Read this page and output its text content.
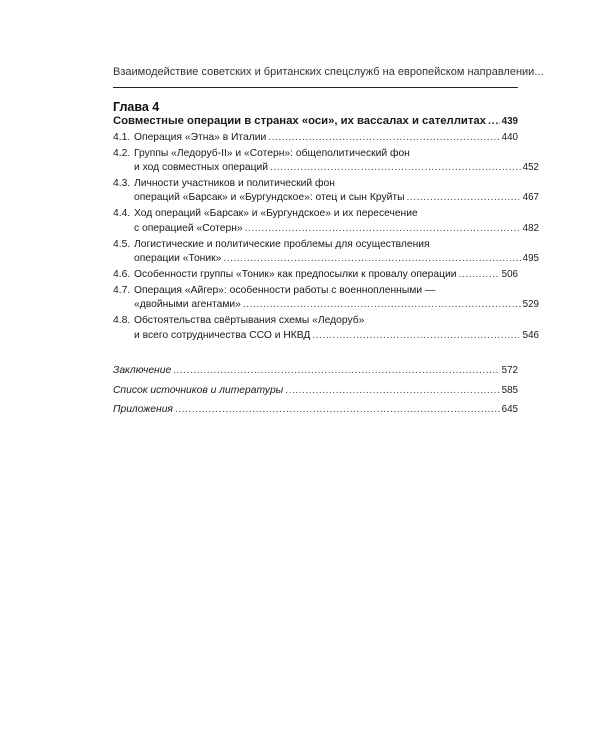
Взаимодействие советских и британских спецслужб на европейском направлении...
Глава 4
Совместные операции в странах «оси», их вассалах и сателлитах ..... 439
4.1. Операция «Этна» в Италии .....	440
4.2. Группы «Ледоруб-II» и «Сотерн»: общеполитический фон
и ход совместных операций .....	452
4.3. Личности участников и политический фон
операций «Барсак» и «Бургундское»: отец и сын Круйты .....	467
4.4. Ход операций «Барсак» и «Бургундское» и их пересечение
с операцией «Сотерн» .....	482
4.5. Логистические и политические проблемы для осуществления
операции «Тоник» .....	495
4.6. Особенности группы «Тоник» как предпосылки к провалу операции .....	506
4.7. Операция «Айгер»: особенности работы с военнопленными —
«двойными агентами» .....	529
4.8. Обстоятельства свёртывания схемы «Ледоруб»
и всего сотрудничества ССО и НКВД .....	546
Заключение .....	572
Список источников и литературы .....	585
Приложения .....	645
